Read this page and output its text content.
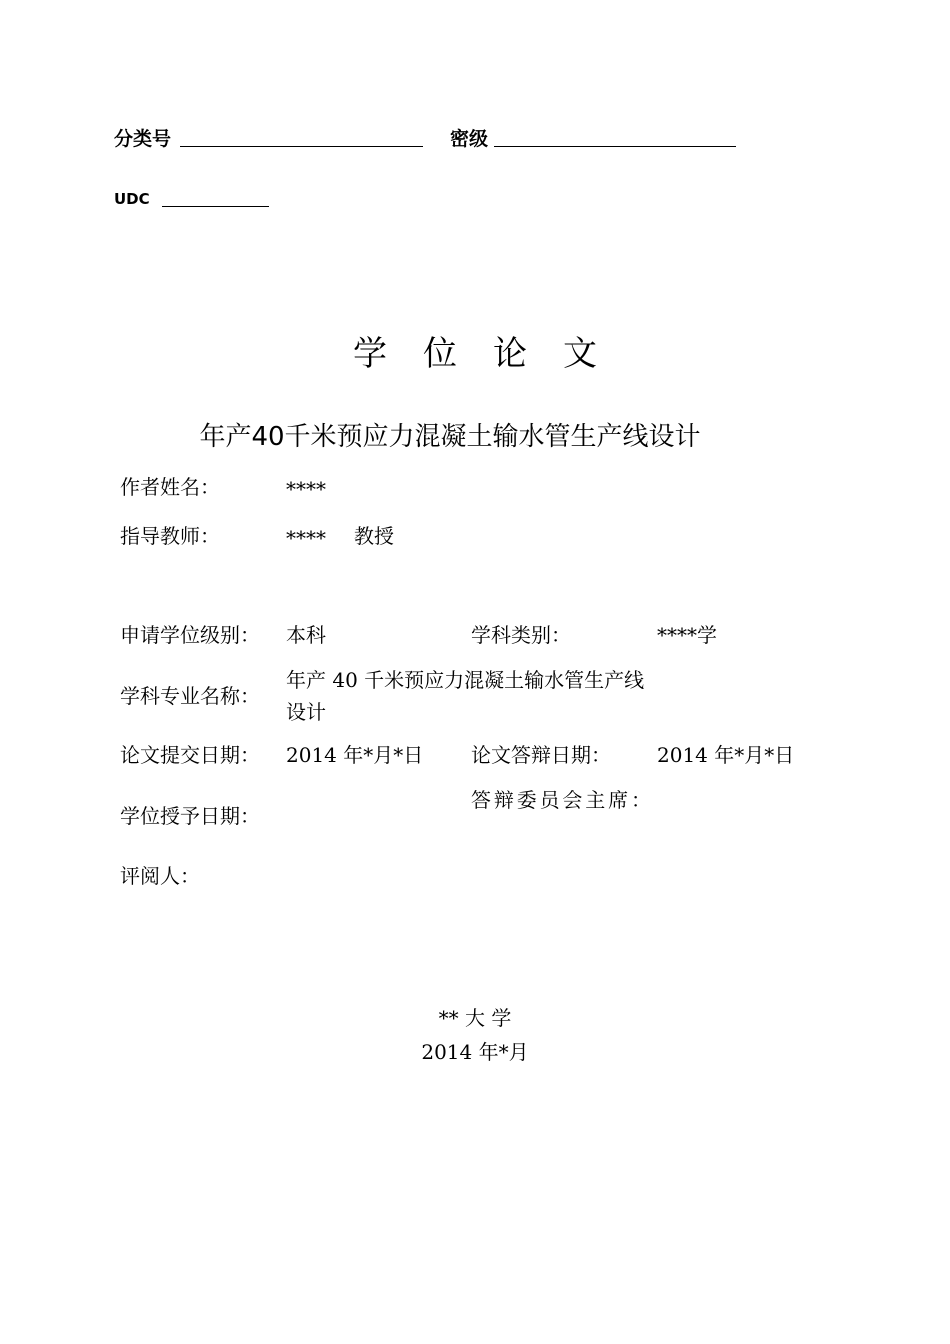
分类号	密级
UDC
学位论文
年产40千米预应力混凝土输水管生产线设计
作者姓名：	****
指导教师：	**** 教授
申请学位级别： 本科	学科类别：	****学
学科专业名称：
年产 40 千米预应力混凝土输水管生产线设计
论文提交日期： 2014 年*月*日 论文答辩日期： 2014 年*月*日
学位授予日期：
答辩委员会主席：
评阅人：
** 大 学
2014 年*月
